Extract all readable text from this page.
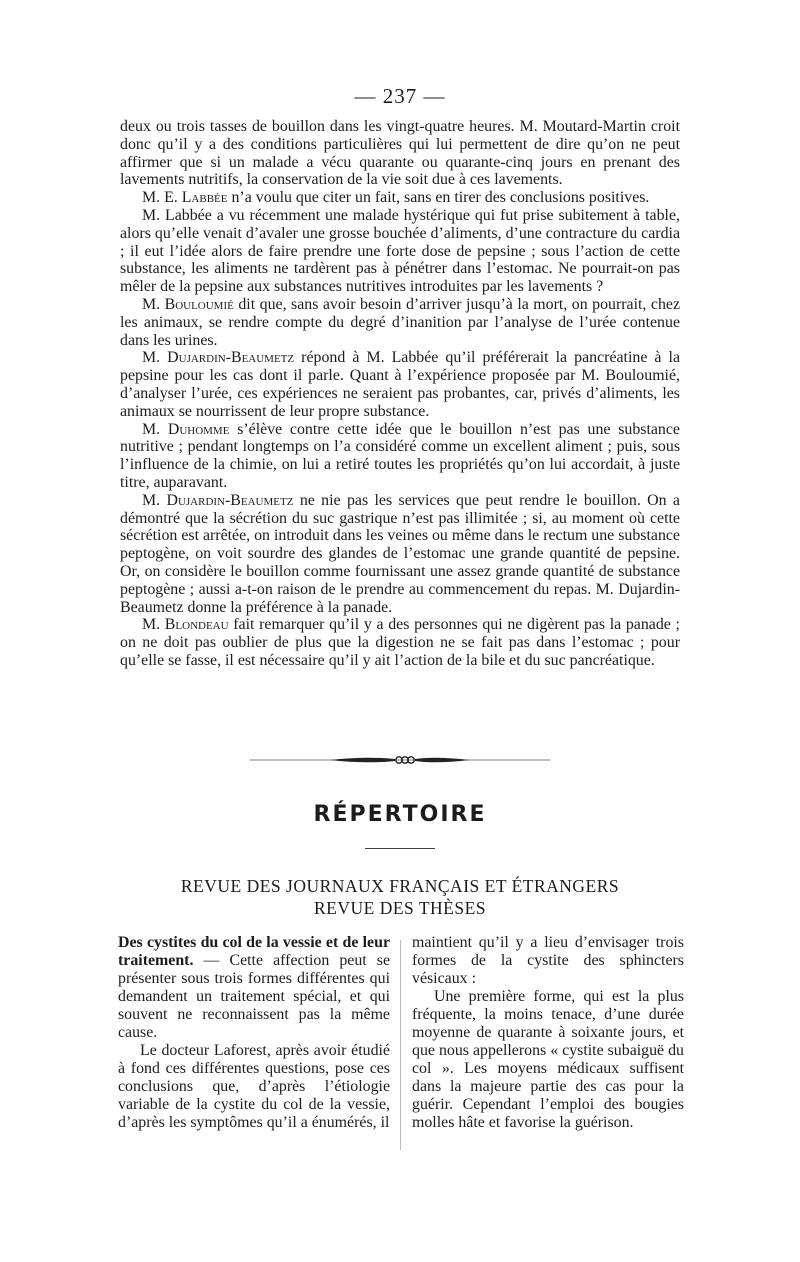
— 237 —

deux ou trois tasses de bouillon dans les vingt-quatre heures. M. Moutard-Martin croit donc qu’il y a des conditions particulières qui lui permettent de dire qu’on ne peut affirmer que si un malade a vécu quarante ou quarante-cinq jours en prenant des lavements nutritifs, la conservation de la vie soit due à ces lavements.

M. E. Labbée n’a voulu que citer un fait, sans en tirer des conclusions positives.

M. Labbée a vu récemment une malade hystérique qui fut prise subitement à table, alors qu’elle venait d’avaler une grosse bouchée d’aliments, d’une contracture du cardia ; il eut l’idée alors de faire prendre une forte dose de pepsine ; sous l’action de cette substance, les aliments ne tardèrent pas à pénétrer dans l’estomac. Ne pourrait-on pas mêler de la pepsine aux substances nutritives introduites par les lavements ?

M. Bouloumié dit que, sans avoir besoin d’arriver jusqu’à la mort, on pourrait, chez les animaux, se rendre compte du degré d’inanition par l’analyse de l’urée contenue dans les urines.

M. Dujardin-Beaumetz répond à M. Labbée qu’il préférerait la pancréatine à la pepsine pour les cas dont il parle. Quant à l’expérience proposée par M. Bouloumié, d’analyser l’urée, ces expériences ne seraient pas probantes, car, privés d’aliments, les animaux se nourrissent de leur propre substance.

M. Duhomme s’élève contre cette idée que le bouillon n’est pas une substance nutritive ; pendant longtemps on l’a considéré comme un excellent aliment ; puis, sous l’influence de la chimie, on lui a retiré toutes les propriétés qu’on lui accordait, à juste titre, auparavant.

M. Dujardin-Beaumetz ne nie pas les services que peut rendre le bouillon. On a démontré que la sécrétion du suc gastrique n’est pas illimitée ; si, au moment où cette sécrétion est arrêtée, on introduit dans les veines ou même dans le rectum une substance peptogène, on voit sourdre des glandes de l’estomac une grande quantité de pepsine. Or, on considère le bouillon comme fournissant une assez grande quantité de substance peptogène ; aussi a-t-on raison de le prendre au commencement du repas. M. Dujardin-Beaumetz donne la préférence à la panade.

M. Blondeau fait remarquer qu’il y a des personnes qui ne digèrent pas la panade ; on ne doit pas oublier de plus que la digestion ne se fait pas dans l’estomac ; pour qu’elle se fasse, il est nécessaire qu’il y ait l’action de la bile et du suc pancréatique.

RÉPERTOIRE
REVUE DES JOURNAUX FRANÇAIS ET ÉTRANGERS
REVUE DES THÈSES

Des cystites du col de la vessie et de leur traitement. — Cette affection peut se présenter sous trois formes différentes qui demandent un traitement spécial, et qui souvent ne reconnaissent pas la même cause.

Le docteur Laforest, après avoir étudié à fond ces différentes questions, pose ces conclusions que, d’après l’étiologie variable de la cystite du col de la vessie, d’après les symptômes qu’il a énumérés, il

maintient qu’il y a lieu d’envisager trois formes de la cystite des sphincters vésicaux :

Une première forme, qui est la plus fréquente, la moins tenace, d’une durée moyenne de quarante à soixante jours, et que nous appellerons « cystite subaiguë du col ». Les moyens médicaux suffisent dans la majeure partie des cas pour la guérir. Cependant l’emploi des bougies molles hâte et favorise la guérison.
